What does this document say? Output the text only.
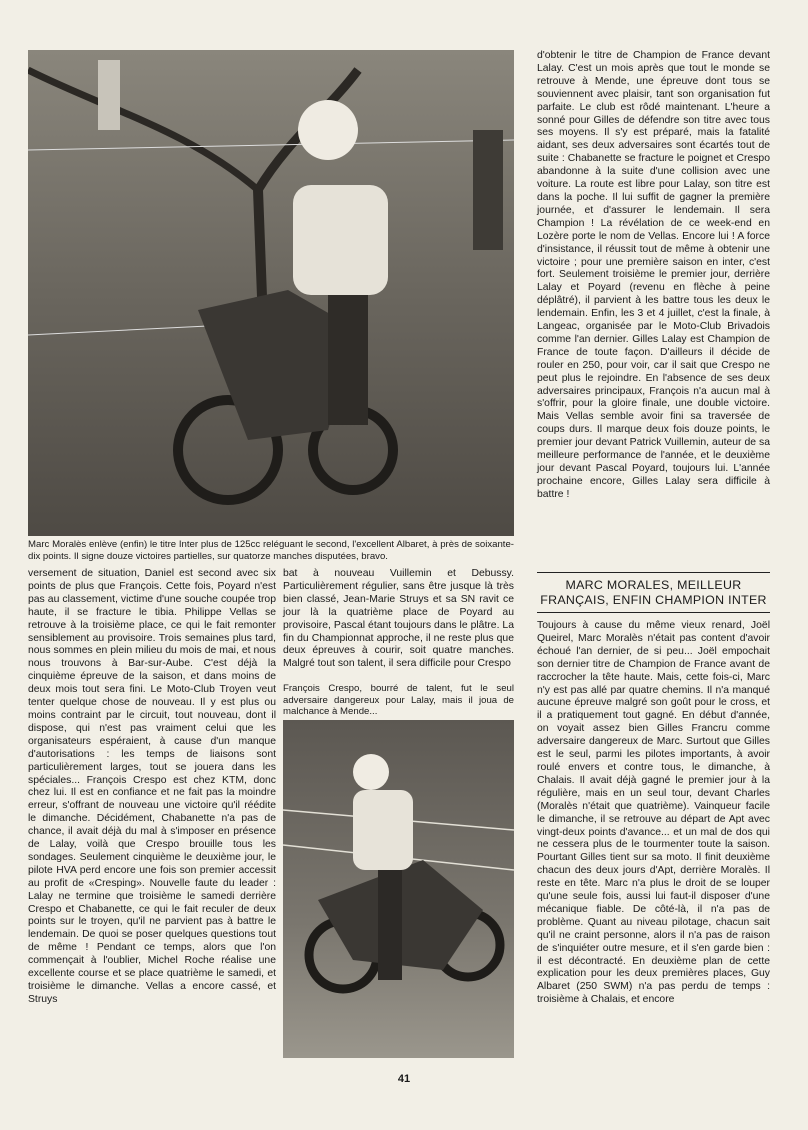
Marc Moralès enlève (enfin) le titre Inter plus de 125cc reléguant le second, l'excellent Albaret, à près de soixante-dix points. Il signe douze victoires partielles, sur quatorze manches disputées, bravo.

versement de situation, Daniel est second avec six points de plus que François. Cette fois, Poyard n'est pas au classement, victime d'une souche coupée trop haute, il se fracture le tibia. Philippe Vellas se retrouve à la troisième place, ce qui le fait remonter sensiblement au provisoire. Trois semaines plus tard, nous sommes en plein milieu du mois de mai, et nous nous trouvons à Bar-sur-Aube. C'est déjà la cinquième épreuve de la saison, et dans moins de deux mois tout sera fini. Le Moto-Club Troyen veut tenter quelque chose de nouveau. Il y est plus ou moins contraint par le circuit, tout nouveau, dont il dispose, qui n'est pas vraiment celui que les organisateurs espéraient, à cause d'un manque d'autorisations : les temps de liaisons sont particulièrement larges, tout se jouera dans les spéciales... François Crespo est chez KTM, donc chez lui. Il est en confiance et ne fait pas la moindre erreur, s'offrant de nouveau une victoire qu'il réédite le dimanche. Décidément, Chabanette n'a pas de chance, il avait déjà du mal à s'imposer en présence de Lalay, voilà que Crespo brouille tous les sondages. Seulement cinquième le deuxième jour, le pilote HVA perd encore une fois son premier accessit au profit de «Cresping». Nouvelle faute du leader : Lalay ne termine que troisième le samedi derrière Crespo et Chabanette, ce qui le fait reculer de deux points sur le troyen, qu'il ne parvient pas à battre le lendemain. De quoi se poser quelques questions tout de même ! Pendant ce temps, alors que l'on commençait à l'oublier, Michel Roche réalise une excellente course et se place quatrième le samedi, et troisième le dimanche. Vellas a encore cassé, et Struys

bat à nouveau Vuillemin et Debussy. Particulièrement régulier, sans être jusque là très bien classé, Jean-Marie Struys et sa SN ravit ce jour là la quatrième place de Poyard au provisoire, Pascal étant toujours dans le plâtre. La fin du Championnat approche, il ne reste plus que deux épreuves à courir, soit quatre manches. Malgré tout son talent, il sera difficile pour Crespo

François Crespo, bourré de talent, fut le seul adversaire dangereux pour Lalay, mais il joua de malchance à Mende...

d'obtenir le titre de Champion de France devant Lalay. C'est un mois après que tout le monde se retrouve à Mende, une épreuve dont tous se souviennent avec plaisir, tant son organisation fut parfaite. Le club est rôdé maintenant. L'heure a sonné pour Gilles de défendre son titre avec tous ses moyens. Il s'y est préparé, mais la fatalité aidant, ses deux adversaires sont écartés tout de suite : Chabanette se fracture le poignet et Crespo abandonne à la suite d'une collision avec une voiture. La route est libre pour Lalay, son titre est dans la poche. Il lui suffit de gagner la première journée, et d'assurer le lendemain. Il sera Champion ! La révélation de ce week-end en Lozère porte le nom de Vellas. Encore lui ! A force d'insistance, il réussit tout de même à obtenir une victoire ; pour une première saison en inter, c'est fort. Seulement troisième le premier jour, derrière Lalay et Poyard (revenu en flèche à peine déplâtré), il parvient à les battre tous les deux le lendemain. Enfin, les 3 et 4 juillet, c'est la finale, à Langeac, organisée par le Moto-Club Brivadois comme l'an dernier. Gilles Lalay est Champion de France de toute façon. D'ailleurs il décide de rouler en 250, pour voir, car il sait que Crespo ne peut plus le rejoindre. En l'absence de ses deux adversaires principaux, François n'a aucun mal à s'offrir, pour la gloire finale, une double victoire. Mais Vellas semble avoir fini sa traversée de coups durs. Il marque deux fois douze points, le premier jour devant Patrick Vuillemin, auteur de sa meilleure performance de l'année, et le deuxième jour devant Pascal Poyard, toujours lui. L'année prochaine encore, Gilles Lalay sera difficile à battre !

MARC MORALES, MEILLEUR
FRANÇAIS, ENFIN CHAMPION INTER

Toujours à cause du même vieux renard, Joël Queirel, Marc Moralès n'était pas content d'avoir échoué l'an dernier, de si peu... Joël empochait son dernier titre de Champion de France avant de raccrocher la tête haute. Mais, cette fois-ci, Marc n'y est pas allé par quatre chemins. Il n'a manqué aucune épreuve malgré son goût pour le cross, et il a pratiquement tout gagné. En début d'année, on voyait assez bien Gilles Francru comme adversaire dangereux de Marc. Surtout que Gilles est le seul, parmi les pilotes importants, à avoir roulé envers et contre tous, le dimanche, à Chalais. Il avait déjà gagné le premier jour à la régulière, mais en un seul tour, devant Charles (Moralès n'était que quatrième). Vainqueur facile le dimanche, il se retrouve au départ de Apt avec vingt-deux points d'avance... et un mal de dos qui ne cessera plus de le tourmenter toute la saison. Pourtant Gilles tient sur sa moto. Il finit deuxième chacun des deux jours d'Apt, derrière Moralès. Il reste en tête. Marc n'a plus le droit de se louper qu'une seule fois, aussi lui faut-il disposer d'une mécanique fiable. De côté-là, il n'a pas de problème. Quant au niveau pilotage, chacun sait qu'il ne craint personne, alors il n'a pas de raison de s'inquiéter outre mesure, et il s'en garde bien : il est décontracté. En deuxième plan de cette explication pour les deux premières places, Guy Albaret (250 SWM) n'a pas perdu de temps : troisième à Chalais, et encore

41
